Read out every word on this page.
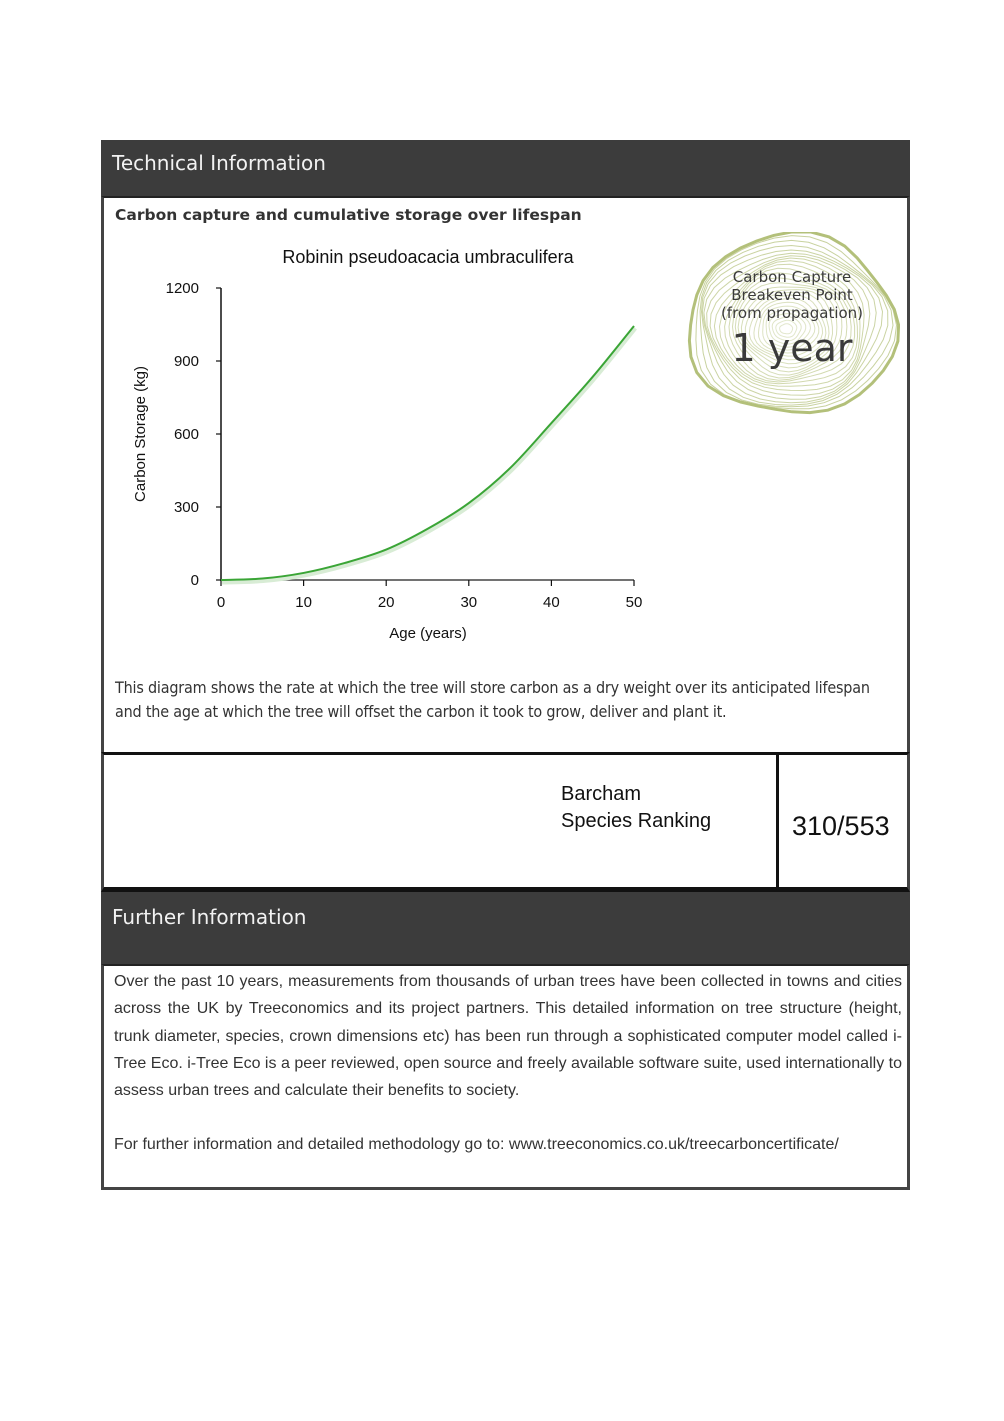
Technical Information
Carbon capture and cumulative storage over lifespan
This diagram shows the rate at which the tree will store carbon as a dry weight over its anticipated lifespan and the age at which the tree will offset the carbon it took to grow, deliver and plant it.
Robinin pseudoacacia umbraculifera
0
300
600
900
1200
0	10	20	30	40	50
Age (years)
Carbon Storage (kg)
Carbon Capture
Breakeven Point
(from propagation)
1 year
Barcham
Species Ranking	310/553
Further Information

Over the past 10 years, measurements from thousands of urban trees have been collected in towns and cities across the UK by Treeconomics and its project partners. This detailed information on tree structure (height, trunk diameter, species, crown dimensions etc) has been run through a sophisticated computer model called i-Tree Eco. i-Tree Eco is a peer reviewed, open source and freely available software suite, used internationally to assess urban trees and calculate their benefits to society.

For further information and detailed methodology go to: www.treeconomics.co.uk/treecarboncertificate/
